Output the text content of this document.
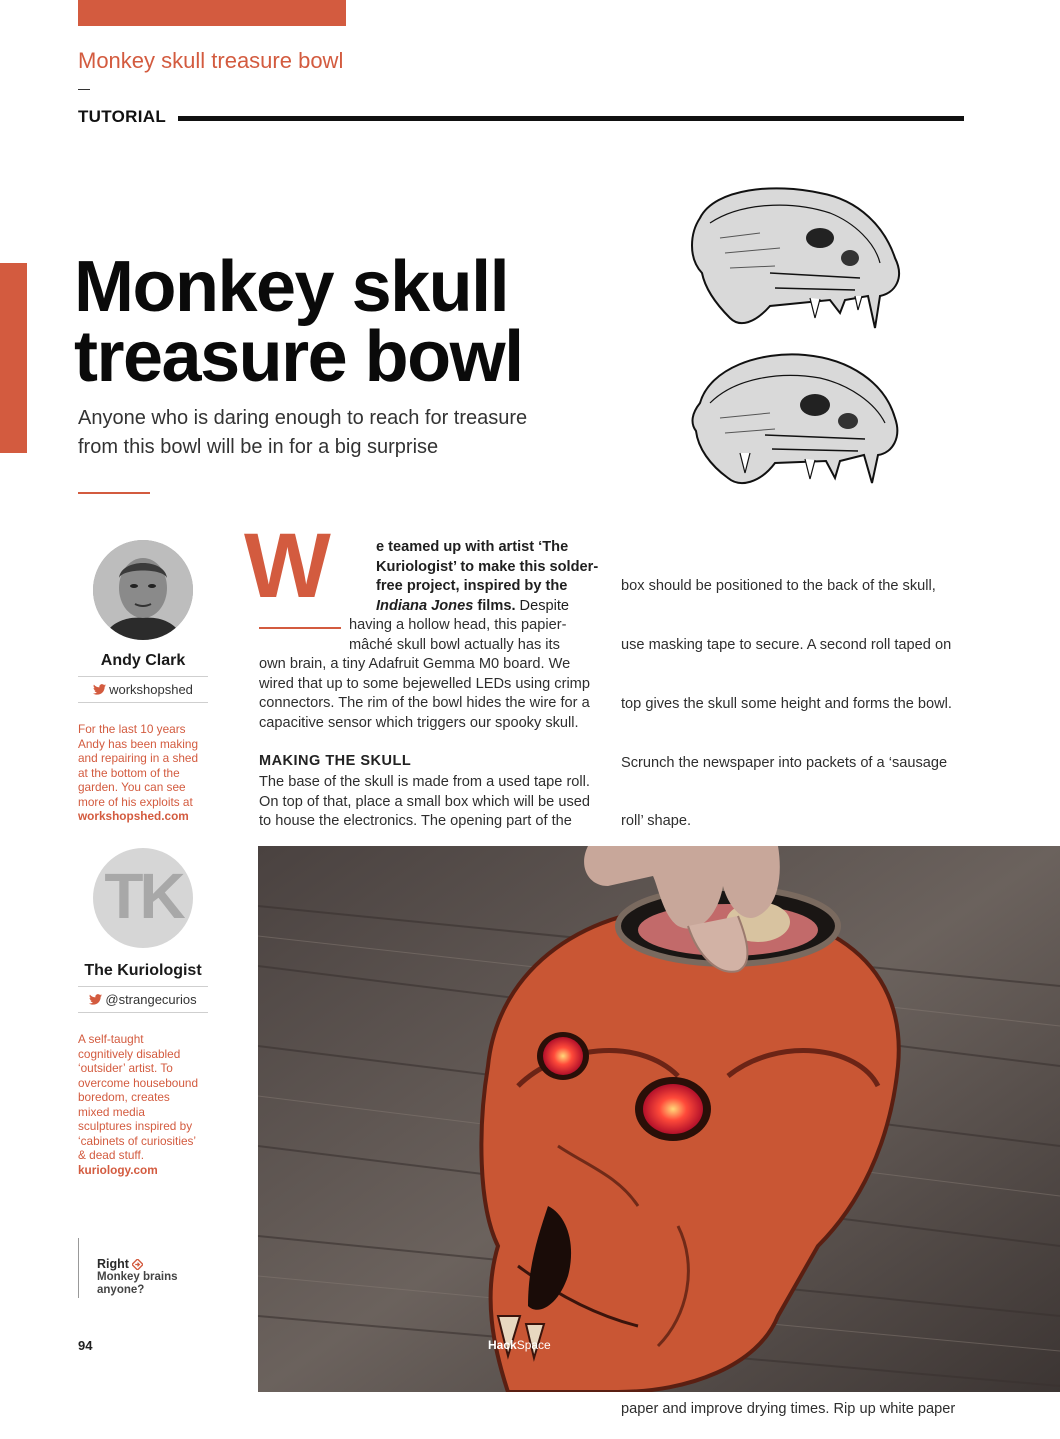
Monkey skull treasure bowl
TUTORIAL
Monkey skull
treasure bowl
Anyone who is daring enough to reach for treasure from this bowl will be in for a big surprise
Andy Clark
workshopshed
For the last 10 years
Andy has been making
and repairing in a shed
at the bottom of the
garden. You can see
more of his exploits at
workshopshed.com
TK
The Kuriologist
@strangecurios
A self-taught
cognitively disabled
‘outsider’ artist. To
overcome housebound
boredom, creates
mixed media
sculptures inspired by
‘cabinets of curiosities’
& dead stuff.
kuriology.com
W	e teamed up with artist ‘The
Kuriologist’ to make this solder-
free project, inspired by the
Indiana Jones films. Despite
having a hollow head, this papier-
mâché skull bowl actually has its
own brain, a tiny Adafruit Gemma M0 board. We
wired that up to some bejewelled LEDs using crimp
connectors. The rim of the bowl hides the wire for a
capacitive sensor which triggers our spooky skull.
MAKING THE SKULL
The base of the skull is made from a used tape roll.
On top of that, place a small box which will be used
to house the electronics. The opening part of the

box should be positioned to the back of the skull,

use masking tape to secure. A second roll taped on

top gives the skull some height and forms the bowl.

Scrunch the newspaper into packets of a ‘sausage

roll’ shape.

paper and improve drying times. Rip up white paper

Right
Monkey brains
anyone?
94	HackSpace
